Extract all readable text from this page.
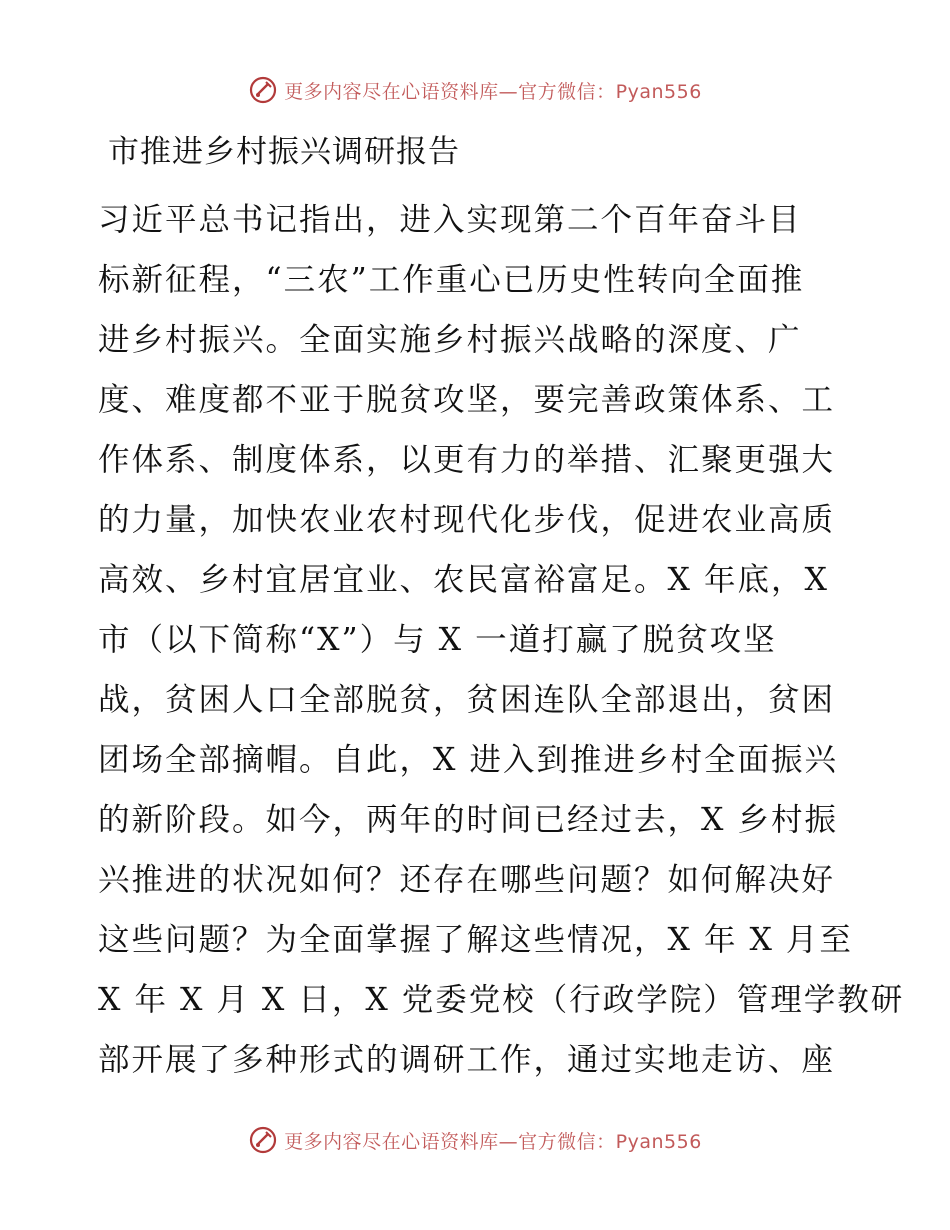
更多内容尽在心语资料库—官方微信：Pyan556
市推进乡村振兴调研报告
习近平总书记指出，进入实现第二个百年奋斗目
标新征程，“三农”工作重心已历史性转向全面推
进乡村振兴。全面实施乡村振兴战略的深度、广
度、难度都不亚于脱贫攻坚，要完善政策体系、工
作体系、制度体系，以更有力的举措、汇聚更强大
的力量，加快农业农村现代化步伐，促进农业高质
高效、乡村宜居宜业、农民富裕富足。X 年底，X
市（以下简称“X”）与 X 一道打赢了脱贫攻坚
战，贫困人口全部脱贫，贫困连队全部退出，贫困
团场全部摘帽。自此，X 进入到推进乡村全面振兴
的新阶段。如今，两年的时间已经过去，X 乡村振
兴推进的状况如何？还存在哪些问题？如何解决好
这些问题？为全面掌握了解这些情况，X 年 X 月至
X 年 X 月 X 日，X 党委党校（行政学院）管理学教研
部开展了多种形式的调研工作，通过实地走访、座
更多内容尽在心语资料库—官方微信：Pyan556
